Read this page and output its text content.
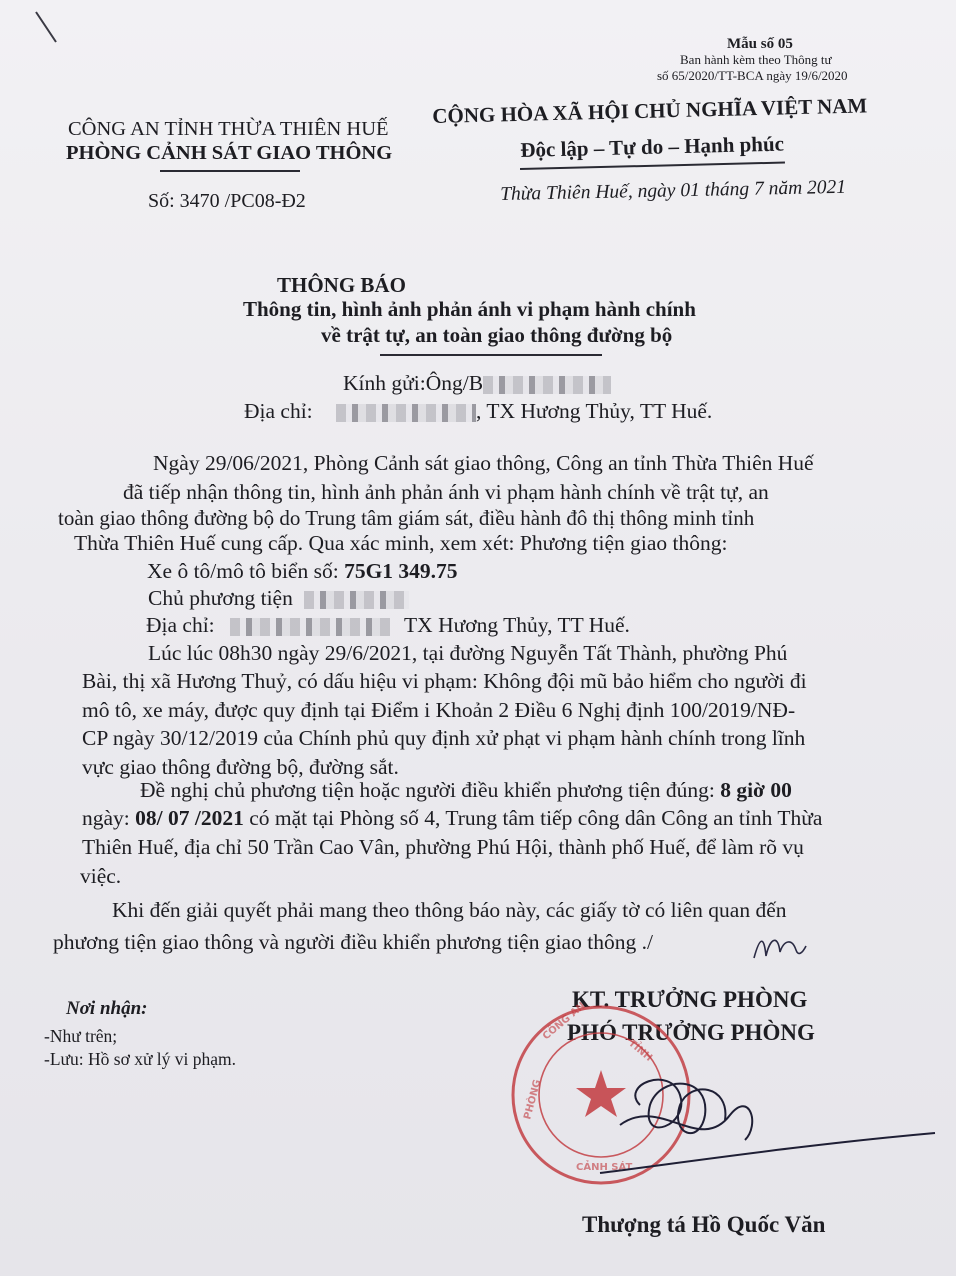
Mẫu số 05
Ban hành kèm theo Thông tư
số 65/2020/TT-BCA ngày 19/6/2020
CÔNG AN TỈNH THỪA THIÊN HUẾ
PHÒNG CẢNH SÁT GIAO THÔNG
Số: 3470 /PC08-Đ2
CỘNG HÒA XÃ HỘI CHỦ NGHĨA VIỆT NAM
Độc lập – Tự do – Hạnh phúc
Thừa Thiên Huế, ngày 01 tháng 7 năm 2021
THÔNG BÁO
Thông tin, hình ảnh phản ánh vi phạm hành chính
về trật tự, an toàn giao thông đường bộ
Kính gửi:Ông/B
Địa chỉ:	, TX Hương Thủy, TT Huế.
Ngày 29/06/2021, Phòng Cảnh sát giao thông, Công an tỉnh Thừa Thiên Huế
đã tiếp nhận thông tin, hình ảnh phản ánh vi phạm hành chính về trật tự, an
toàn giao thông đường bộ do Trung tâm giám sát, điều hành đô thị thông minh tỉnh
Thừa Thiên Huế cung cấp. Qua xác minh, xem xét: Phương tiện giao thông:
Xe ô tô/mô tô biển số: 75G1 349.75
Chủ phương tiện
Địa chỉ:	TX Hương Thủy, TT Huế.
Lúc lúc 08h30 ngày 29/6/2021, tại đường Nguyễn Tất Thành, phường Phú
Bài, thị xã Hương Thuỷ, có dấu hiệu vi phạm: Không đội mũ bảo hiểm cho người đi
mô tô, xe máy, được quy định tại Điểm i Khoản 2 Điều 6 Nghị định 100/2019/NĐ-
CP ngày 30/12/2019 của Chính phủ quy định xử phạt vi phạm hành chính trong lĩnh
vực giao thông đường bộ, đường sắt.
Đề nghị chủ phương tiện hoặc người điều khiển phương tiện đúng: 8 giờ 00
ngày: 08/ 07 /2021 có mặt tại Phòng số 4, Trung tâm tiếp công dân Công an tỉnh Thừa
Thiên Huế, địa chỉ 50 Trần Cao Vân, phường Phú Hội, thành phố Huế, để làm rõ vụ
việc.
Khi đến giải quyết phải mang theo thông báo này, các giấy tờ có liên quan đến
phương tiện giao thông và người điều khiển phương tiện giao thông ./
Nơi nhận:
-Như trên;
-Lưu: Hồ sơ xử lý vi phạm.
KT. TRƯỞNG PHÒNG
PHÓ TRƯỞNG PHÒNG
CÔNG AN
TỈNH
PHÒNG
CẢNH SÁT
Thượng tá Hồ Quốc Văn
